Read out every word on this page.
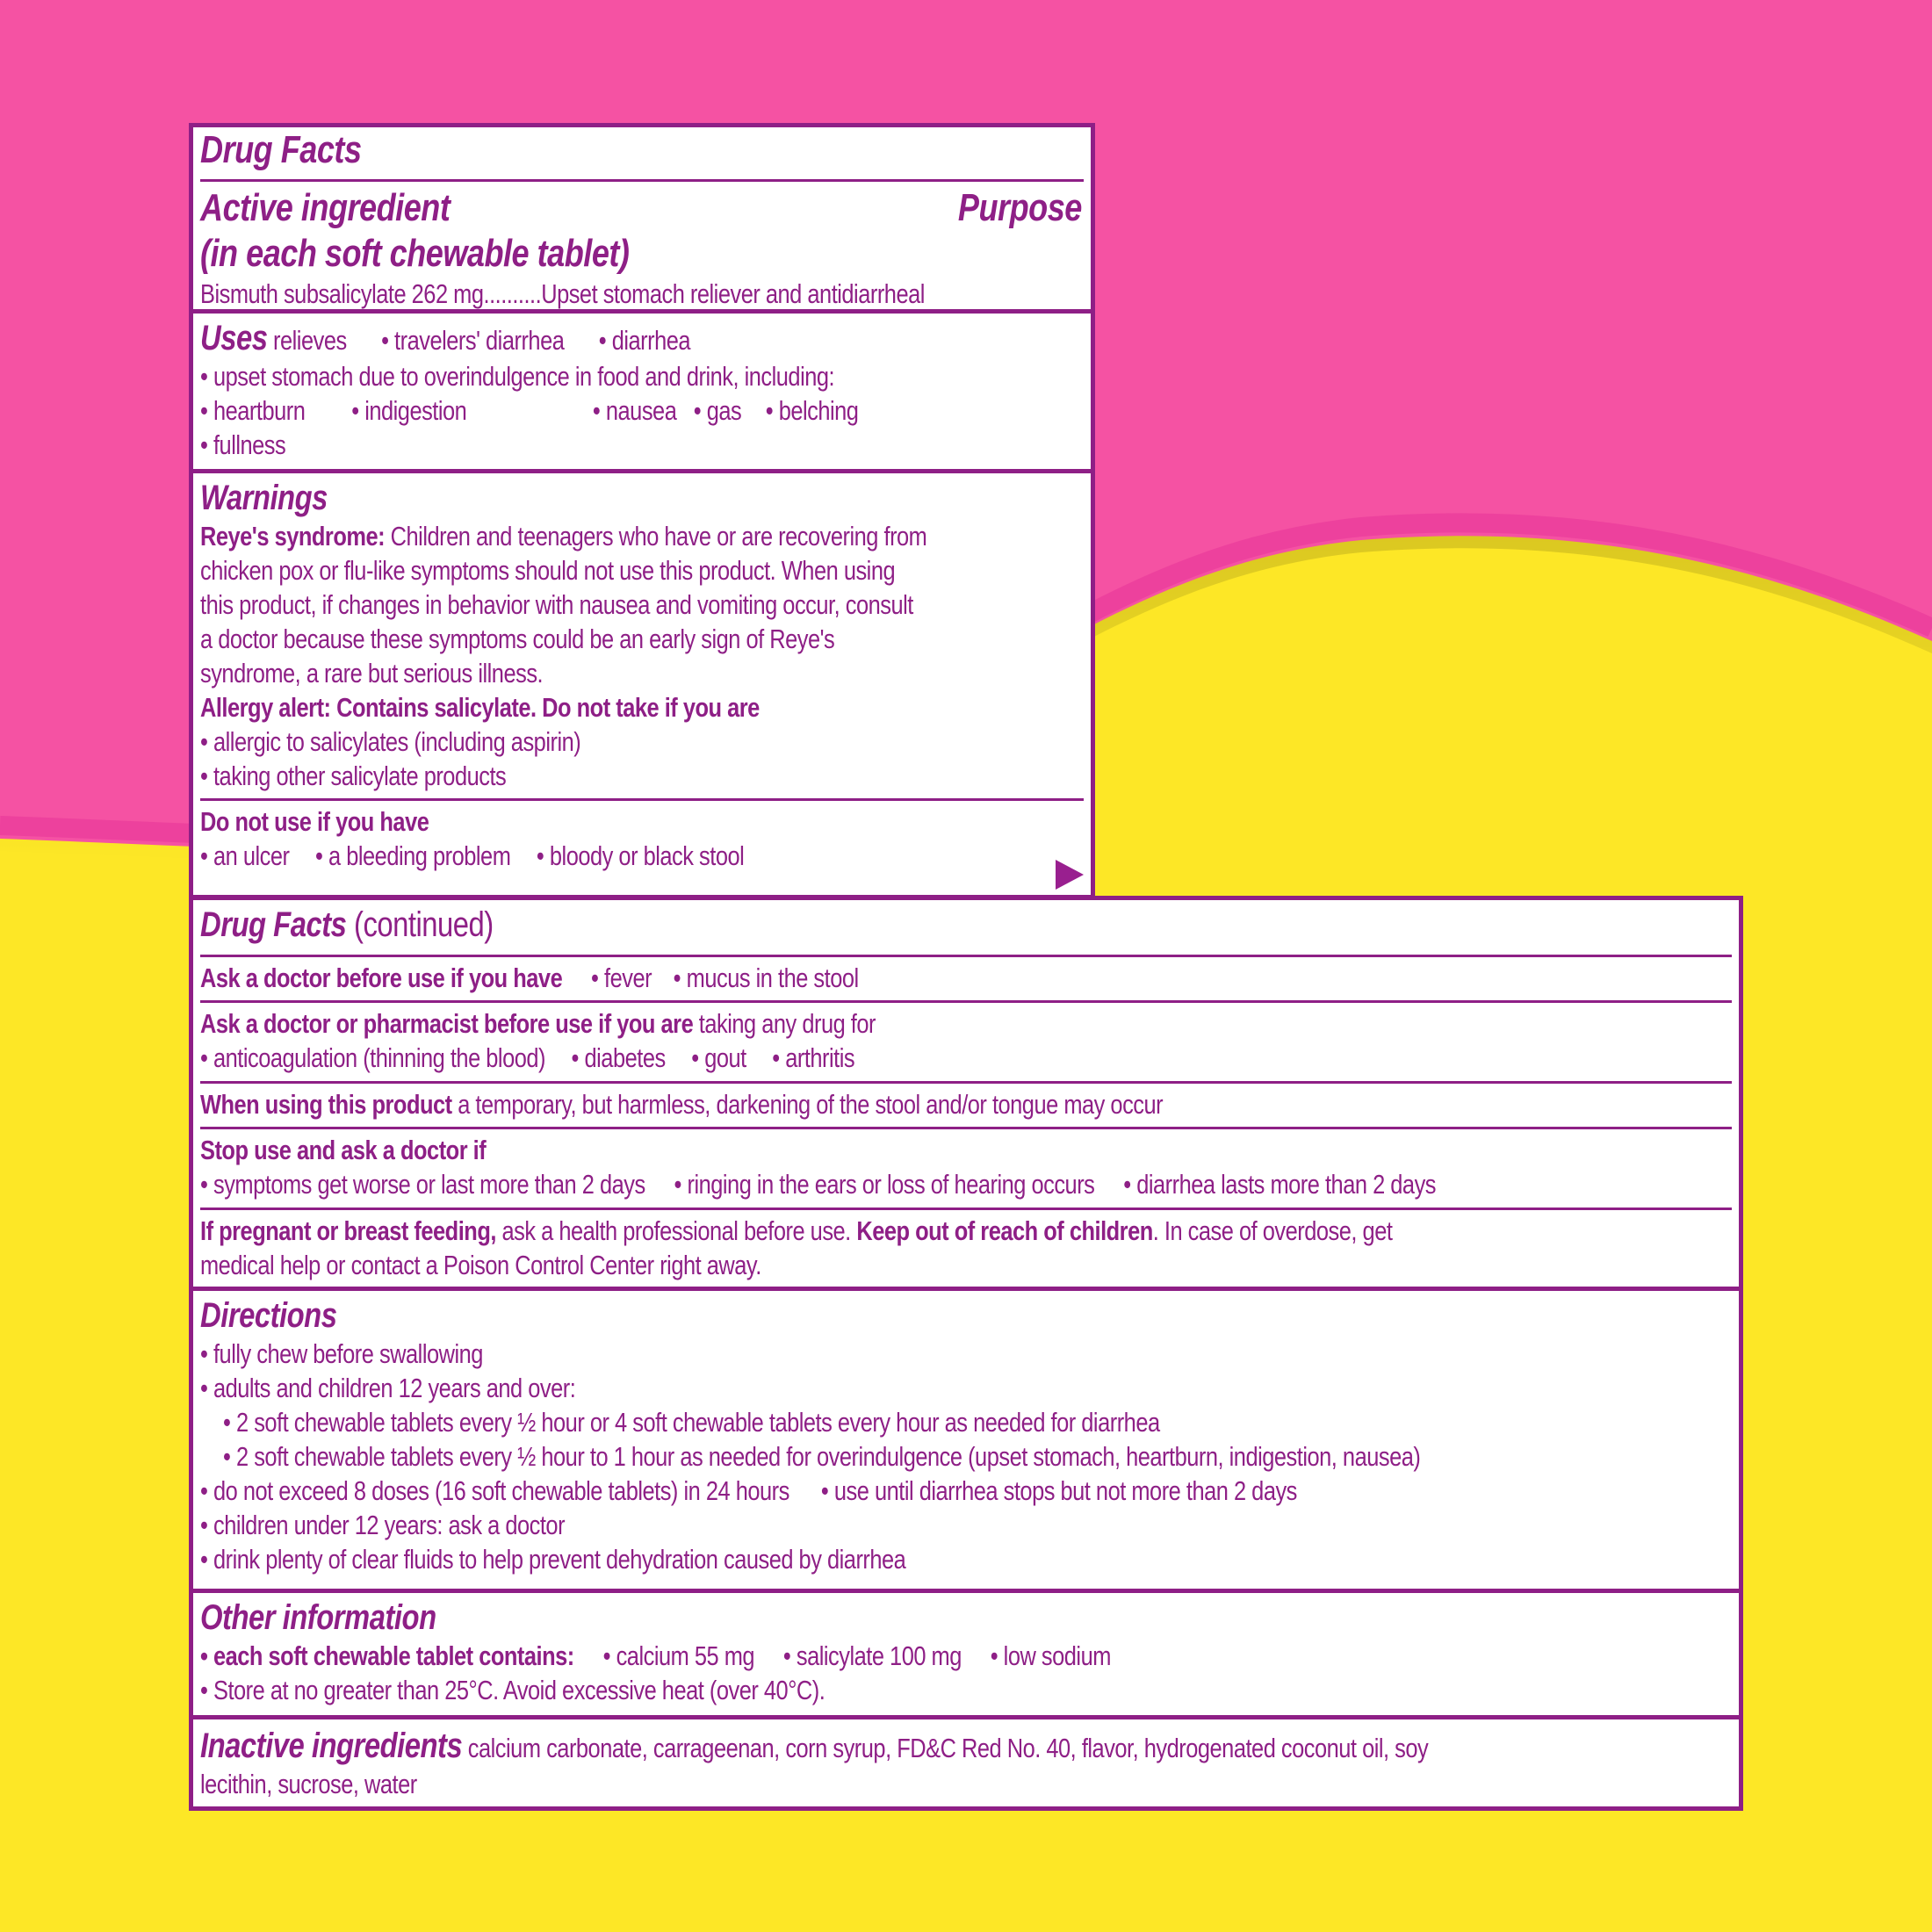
Drug Facts
Active ingredient	Purpose
(in each soft chewable tablet)
Bismuth subsalicylate 262 mg..........Upset stomach reliever and antidiarrheal
Uses relieves • travelers' diarrhea • diarrhea
• upset stomach due to overindulgence in food and drink, including:
• heartburn • indigestion	• nausea • gas • belching
• fullness
Warnings
Reye's syndrome: Children and teenagers who have or are recovering from
chicken pox or flu-like symptoms should not use this product. When using
this product, if changes in behavior with nausea and vomiting occur, consult
a doctor because these symptoms could be an early sign of Reye's
syndrome, a rare but serious illness.
Allergy alert: Contains salicylate. Do not take if you are
• allergic to salicylates (including aspirin)
• taking other salicylate products
Do not use if you have
• an ulcer • a bleeding problem • bloody or black stool
Drug Facts (continued)
Ask a doctor before use if you have • fever • mucus in the stool
Ask a doctor or pharmacist before use if you are taking any drug for
• anticoagulation (thinning the blood) • diabetes • gout • arthritis
When using this product a temporary, but harmless, darkening of the stool and/or tongue may occur
Stop use and ask a doctor if
• symptoms get worse or last more than 2 days • ringing in the ears or loss of hearing occurs • diarrhea lasts more than 2 days
If pregnant or breast feeding, ask a health professional before use. Keep out of reach of children. In case of overdose, get
medical help or contact a Poison Control Center right away.
Directions
• fully chew before swallowing
• adults and children 12 years and over:
• 2 soft chewable tablets every ½ hour or 4 soft chewable tablets every hour as needed for diarrhea
• 2 soft chewable tablets every ½ hour to 1 hour as needed for overindulgence (upset stomach, heartburn, indigestion, nausea)
• do not exceed 8 doses (16 soft chewable tablets) in 24 hours • use until diarrhea stops but not more than 2 days
• children under 12 years: ask a doctor
• drink plenty of clear fluids to help prevent dehydration caused by diarrhea
Other information
• each soft chewable tablet contains: • calcium 55 mg • salicylate 100 mg • low sodium
• Store at no greater than 25°C. Avoid excessive heat (over 40°C).
Inactive ingredients calcium carbonate, carrageenan, corn syrup, FD&C Red No. 40, flavor, hydrogenated coconut oil, soy
lecithin, sucrose, water
